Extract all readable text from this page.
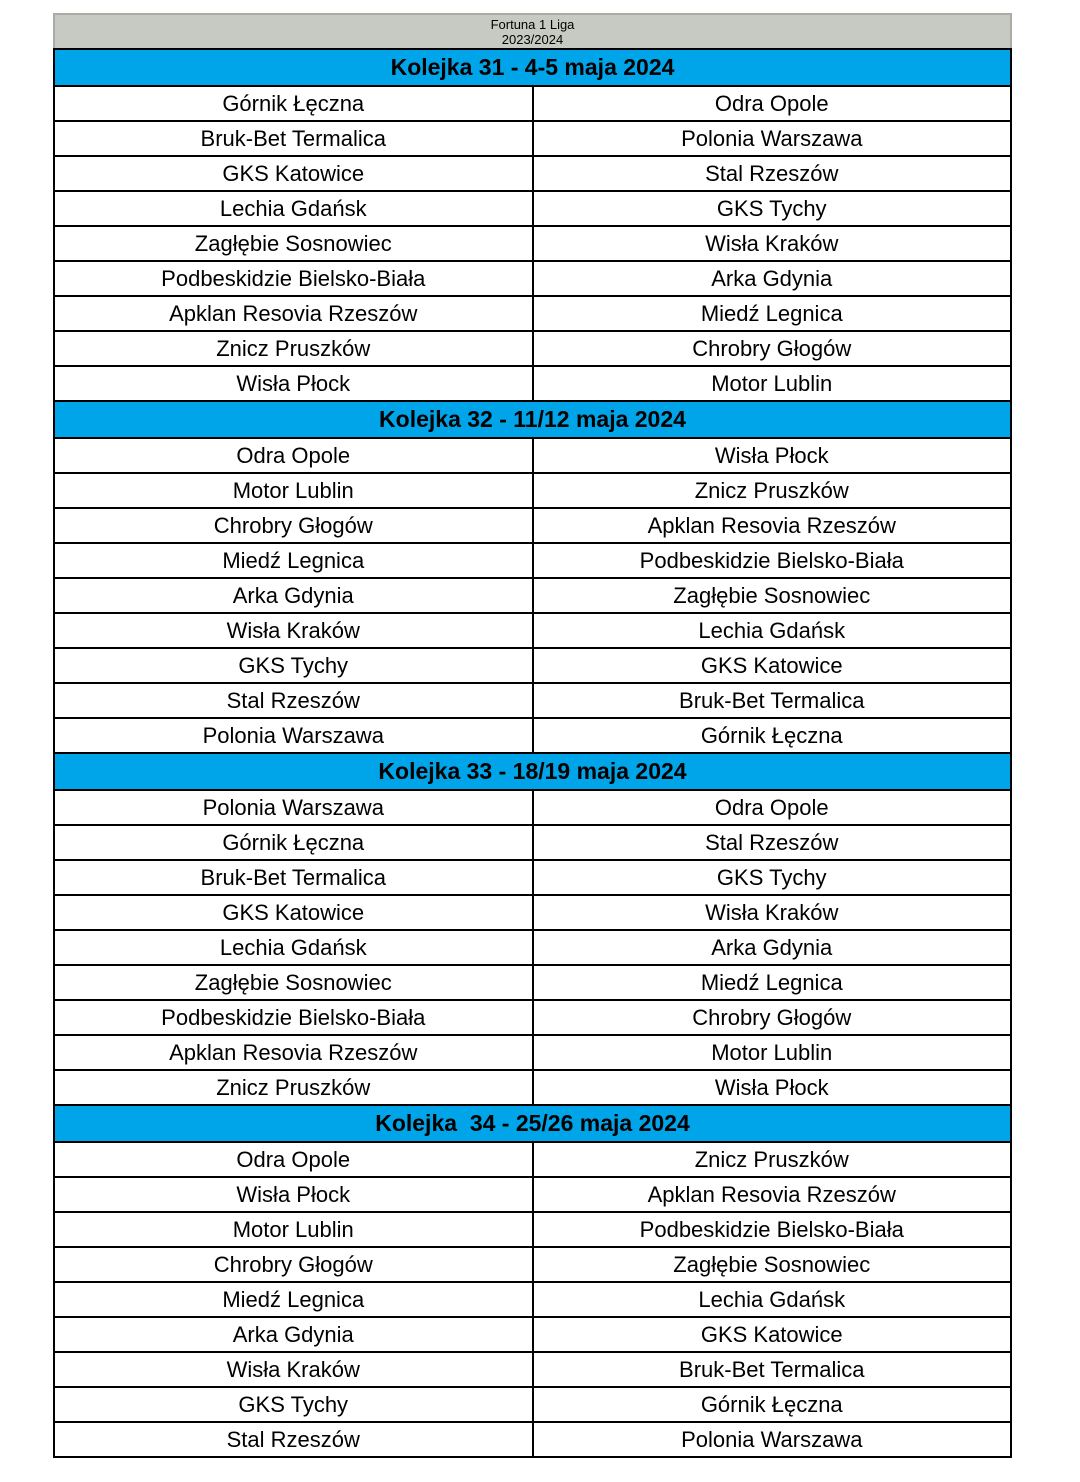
Fortuna 1 Liga
2023/2024
Kolejka 31 - 4-5 maja 2024	
Górnik Łęczna	Odra Opole
Bruk-Bet Termalica	Polonia Warszawa
GKS Katowice	Stal Rzeszów
Lechia Gdańsk	GKS Tychy
Zagłębie Sosnowiec	Wisła Kraków
Podbeskidzie Bielsko-Biała	Arka Gdynia
Apklan Resovia Rzeszów	Miedź Legnica
Znicz Pruszków	Chrobry Głogów
Wisła Płock	Motor Lublin
Kolejka 32 - 11/12 maja 2024	
Odra Opole	Wisła Płock
Motor Lublin	Znicz Pruszków
Chrobry Głogów	Apklan Resovia Rzeszów
Miedź Legnica	Podbeskidzie Bielsko-Biała
Arka Gdynia	Zagłębie Sosnowiec
Wisła Kraków	Lechia Gdańsk
GKS Tychy	GKS Katowice
Stal Rzeszów	Bruk-Bet Termalica
Polonia Warszawa	Górnik Łęczna
Kolejka 33 - 18/19 maja 2024	
Polonia Warszawa	Odra Opole
Górnik Łęczna	Stal Rzeszów
Bruk-Bet Termalica	GKS Tychy
GKS Katowice	Wisła Kraków
Lechia Gdańsk	Arka Gdynia
Zagłębie Sosnowiec	Miedź Legnica
Podbeskidzie Bielsko-Biała	Chrobry Głogów
Apklan Resovia Rzeszów	Motor Lublin
Znicz Pruszków	Wisła Płock
Kolejka  34 - 25/26 maja 2024	
Odra Opole	Znicz Pruszków
Wisła Płock	Apklan Resovia Rzeszów
Motor Lublin	Podbeskidzie Bielsko-Biała
Chrobry Głogów	Zagłębie Sosnowiec
Miedź Legnica	Lechia Gdańsk
Arka Gdynia	GKS Katowice
Wisła Kraków	Bruk-Bet Termalica
GKS Tychy	Górnik Łęczna
Stal Rzeszów	Polonia Warszawa
